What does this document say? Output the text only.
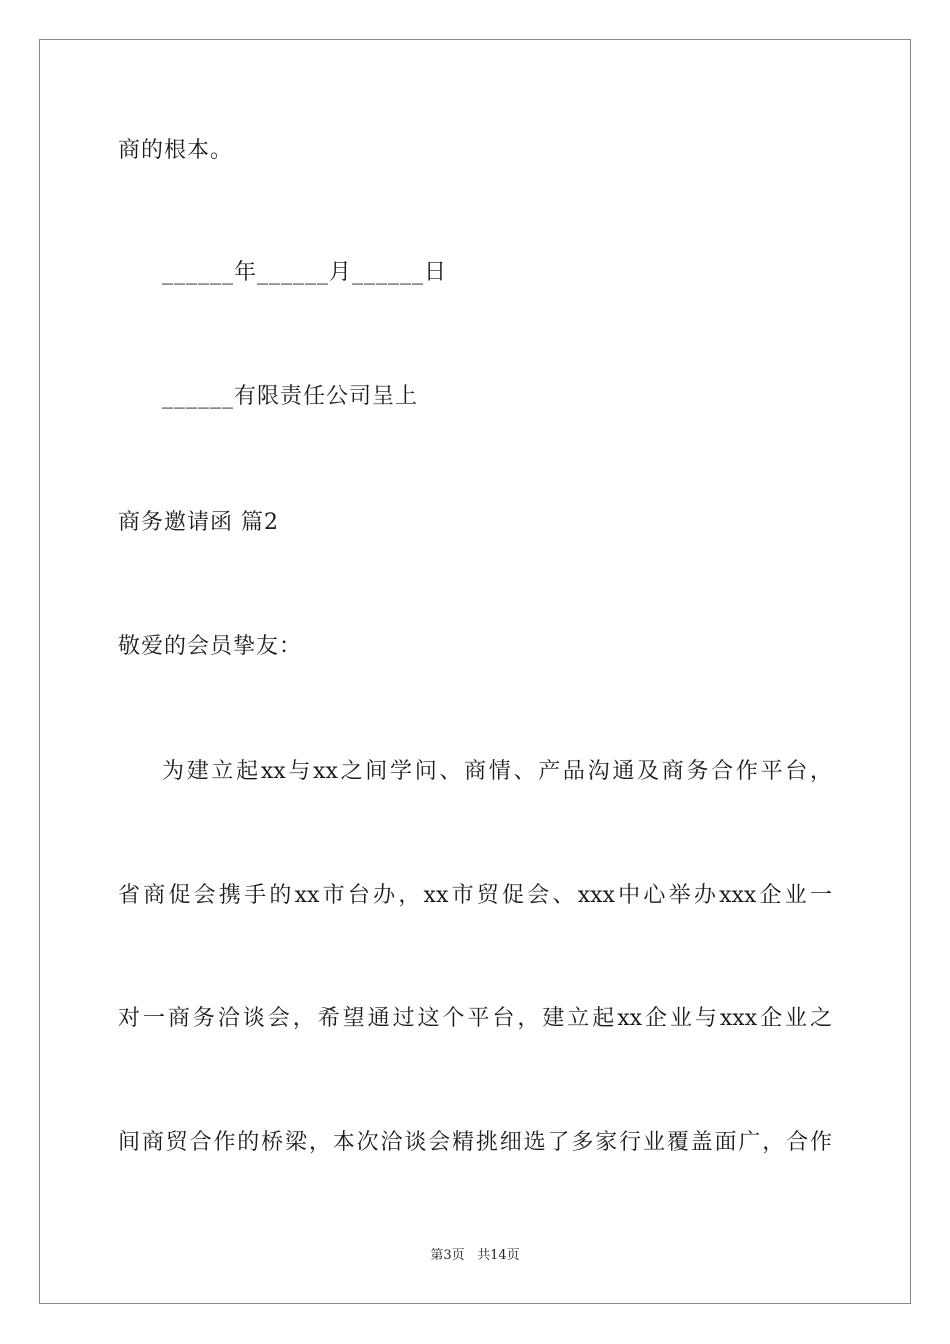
商的根本。
______年______月______日
______有限责任公司呈上
商务邀请函 篇2
敬爱的会员挚友：
为建立起xx与xx之间学问、商情、产品沟通及商务合作平台，
省商促会携手的xx市台办，xx市贸促会、xxx中心举办xxx企业一
对一商务洽谈会，希望通过这个平台，建立起xx企业与xxx企业之
间商贸合作的桥梁，本次洽谈会精挑细选了多家行业覆盖面广，合作
第3页 共14页
